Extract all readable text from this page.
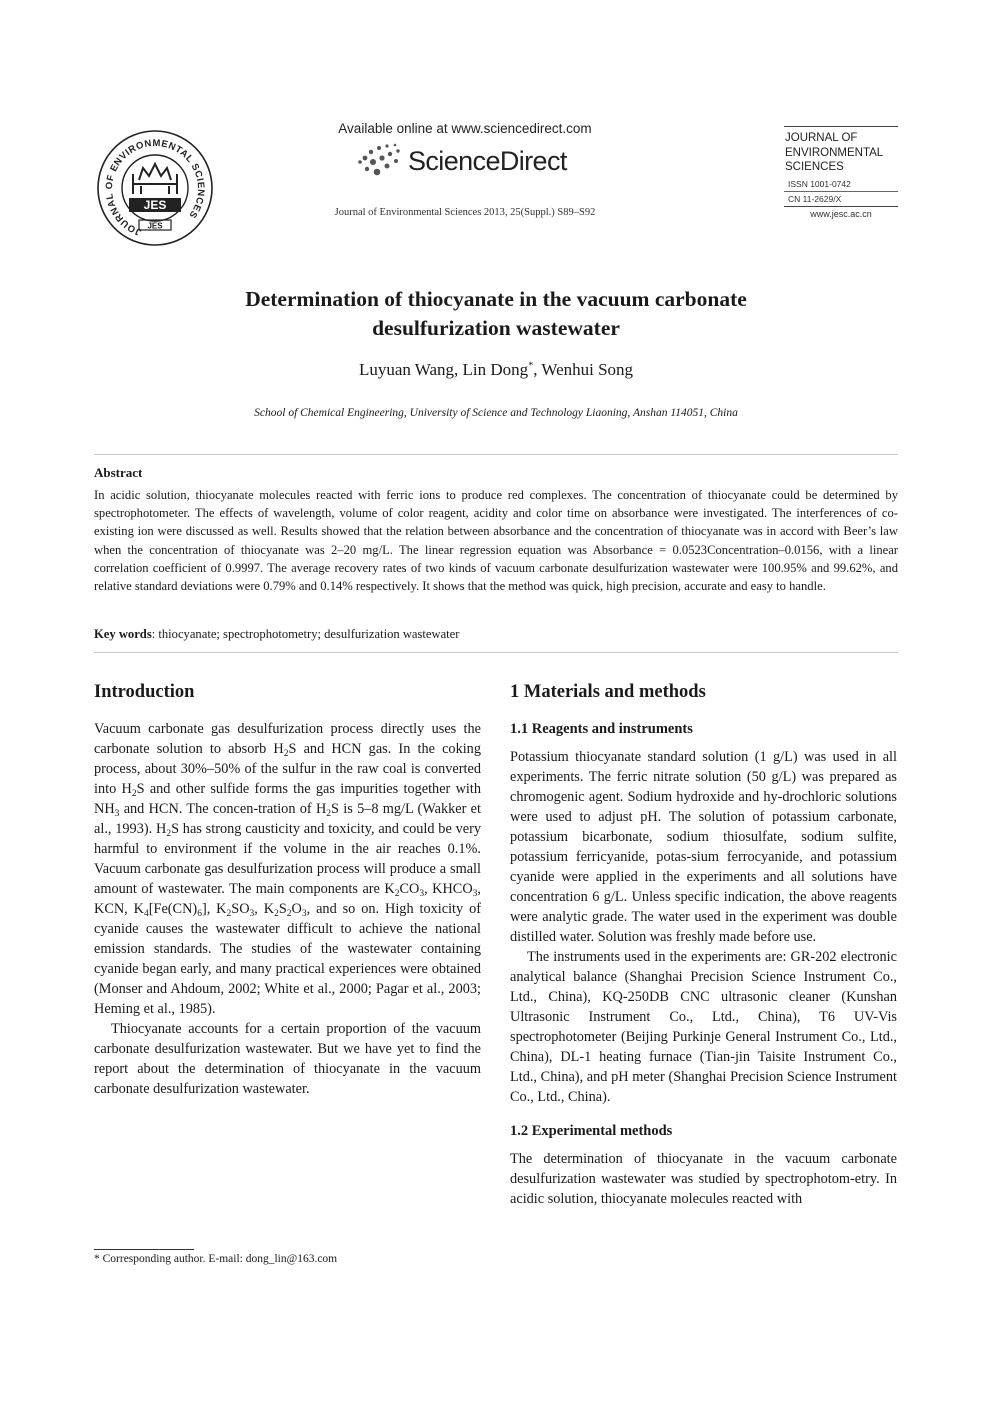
JOURNAL OF ENVIRONMENTAL SCIENCES
JES
JES
Available online at www.sciencedirect.com
ScienceDirect
Journal of Environmental Sciences 2013, 25(Suppl.) S89–S92
JOURNAL OF
ENVIRONMENTAL
SCIENCES
ISSN 1001-0742
CN 11-2629/X
www.jesc.ac.cn
Determination of thiocyanate in the vacuum carbonate
desulfurization wastewater
Luyuan Wang, Lin Dong*, Wenhui Song
School of Chemical Engineering, University of Science and Technology Liaoning, Anshan 114051, China
Abstract

In acidic solution, thiocyanate molecules reacted with ferric ions to produce red complexes. The concentration of thiocyanate could be determined by spectrophotometer. The effects of wavelength, volume of color reagent, acidity and color time on absorbance were investigated. The interferences of co-existing ion were discussed as well. Results showed that the relation between absorbance and the concentration of thiocyanate was in accord with Beer’s law when the concentration of thiocyanate was 2–20 mg/L. The linear regression equation was Absorbance = 0.0523Concentration–0.0156, with a linear correlation coefficient of 0.9997. The average recovery rates of two kinds of vacuum carbonate desulfurization wastewater were 100.95% and 99.62%, and relative standard deviations were 0.79% and 0.14% respectively. It shows that the method was quick, high precision, accurate and easy to handle.

Key words: thiocyanate; spectrophotometry; desulfurization wastewater
Introduction

Vacuum carbonate gas desulfurization process directly uses the carbonate solution to absorb $H_2S$ and HCN gas. In the coking process, about 30%–50% of the sulfur in the raw coal is converted into $H_2S$ and other sulfide forms the gas impurities together with $NH_3$ and HCN. The concen-tration of $H_2S$ is 5–8 mg/L (Wakker et al., 1993). $H_2S$ has strong causticity and toxicity, and could be very harmful to environment if the volume in the air reaches 0.1%. Vacuum carbonate gas desulfurization process will produce a small amount of wastewater. The main components are $K_2CO_3$, $KHCO_3$, KCN, $K_4[Fe(CN)_6]$, $K_2SO_3$, $K_2S_2O_3$, and so on. High toxicity of cyanide causes the wastewater difficult to achieve the national emission standards. The studies of the wastewater containing cyanide began early, and many practical experiences were obtained (Monser and Ahdoum, 2002; White et al., 2000; Pagar et al., 2003; Heming et al., 1985).

Thiocyanate accounts for a certain proportion of the vacuum carbonate desulfurization wastewater. But we have yet to find the report about the determination of thiocyanate in the vacuum carbonate desulfurization wastewater.

1 Materials and methods
1.1 Reagents and instruments

Potassium thiocyanate standard solution (1 g/L) was used in all experiments. The ferric nitrate solution (50 g/L) was prepared as chromogenic agent. Sodium hydroxide and hy-drochloric solutions were used to adjust pH. The solution of potassium carbonate, potassium bicarbonate, sodium thiosulfate, sodium sulfite, potassium ferricyanide, potas-sium ferrocyanide, and potassium cyanide were applied in the experiments and all solutions have concentration 6 g/L. Unless specific indication, the above reagents were analytic grade. The water used in the experiment was double distilled water. Solution was freshly made before use.

The instruments used in the experiments are: GR-202 electronic analytical balance (Shanghai Precision Science Instrument Co., Ltd., China), KQ-250DB CNC ultrasonic cleaner (Kunshan Ultrasonic Instrument Co., Ltd., China), T6 UV-Vis spectrophotometer (Beijing Purkinje General Instrument Co., Ltd., China), DL-1 heating furnace (Tian-jin Taisite Instrument Co., Ltd., China), and pH meter (Shanghai Precision Science Instrument Co., Ltd., China).

1.2 Experimental methods

The determination of thiocyanate in the vacuum carbonate desulfurization wastewater was studied by spectrophotom-etry. In acidic solution, thiocyanate molecules reacted with

* Corresponding author. E-mail: dong_lin@163.com
